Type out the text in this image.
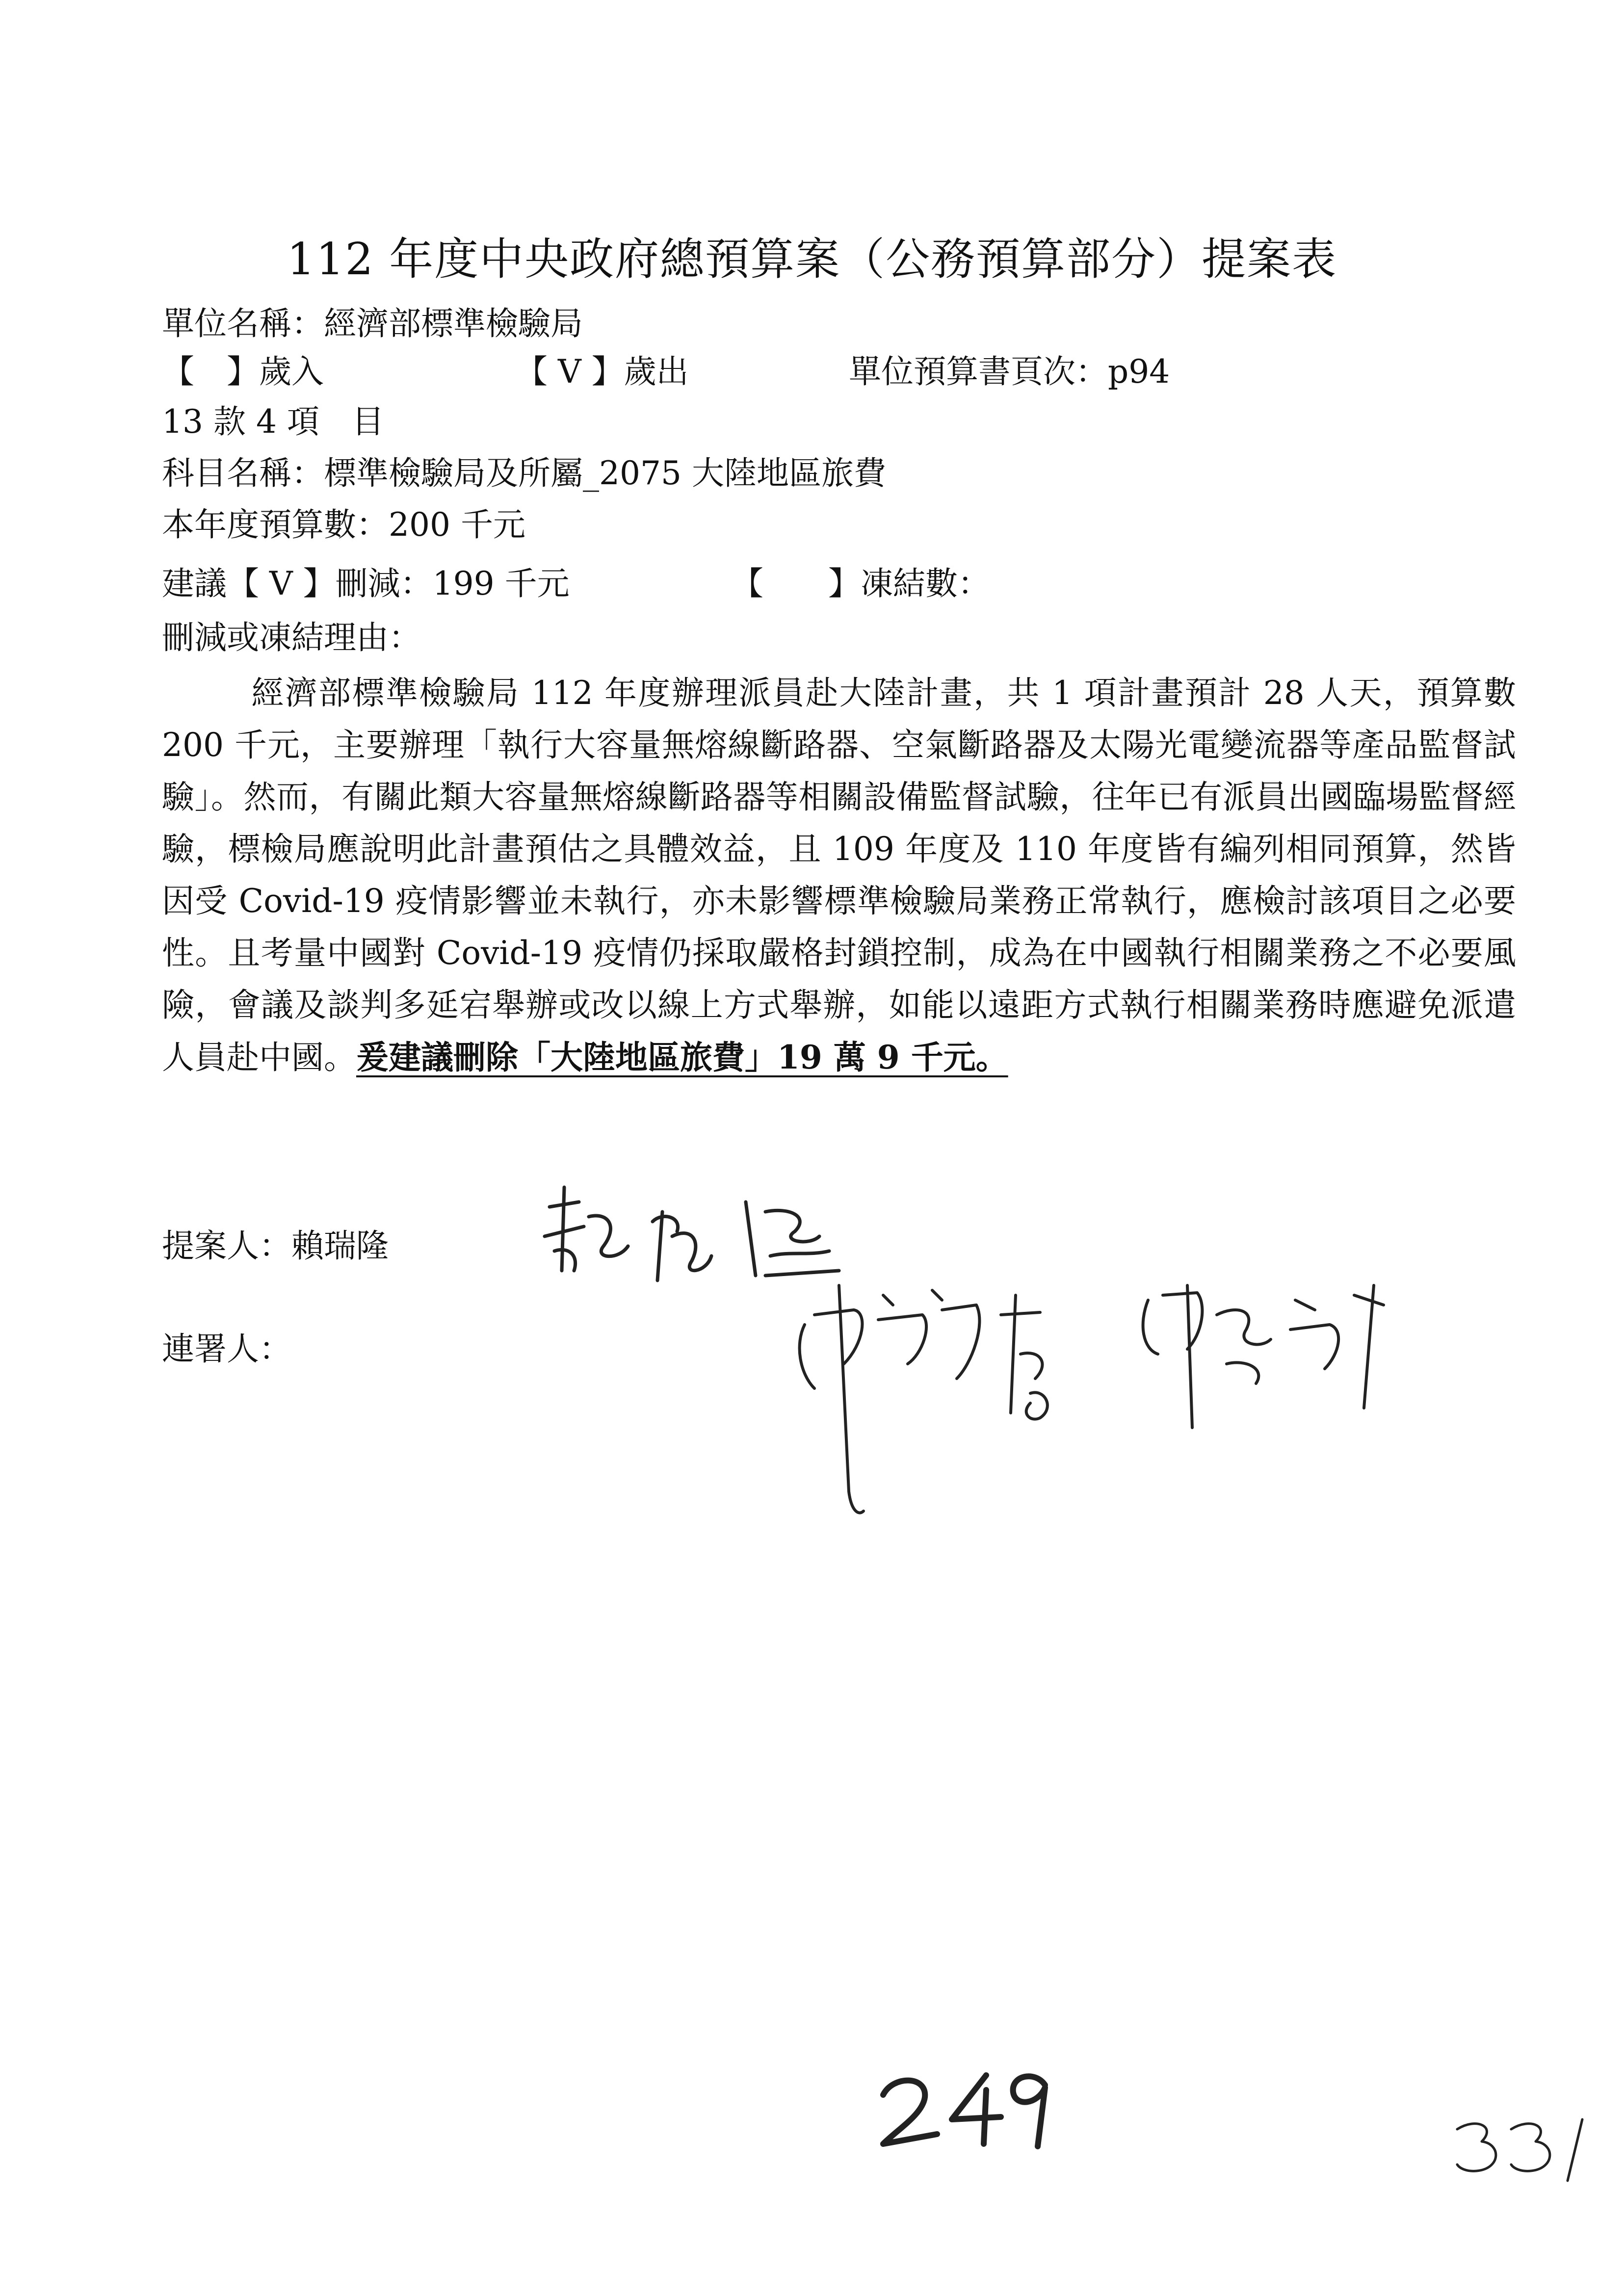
112 年度中央政府總預算案（公務預算部分）提案表
單位名稱：經濟部標準檢驗局
【　】歲入	【 V 】歲出	單位預算書頁次：p94
13 款 4 項　目
科目名稱：標準檢驗局及所屬_2075 大陸地區旅費
本年度預算數：200 千元
建議【 V 】刪減：199 千元	【　　】凍結數：
刪減或凍結理由：
經濟部標準檢驗局 112 年度辦理派員赴大陸計畫，共 1 項計畫預計 28 人天，預算數 200 千元，主要辦理「執行大容量無熔線斷路器、空氣斷路器及太陽光電變流器等產品監督試驗」。然而，有關此類大容量無熔線斷路器等相關設備監督試驗，往年已有派員出國臨場監督經驗，標檢局應說明此計畫預估之具體效益，且 109 年度及 110 年度皆有編列相同預算，然皆因受 Covid-19 疫情影響並未執行，亦未影響標準檢驗局業務正常執行，應檢討該項目之必要性。且考量中國對 Covid-19 疫情仍採取嚴格封鎖控制，成為在中國執行相關業務之不必要風險，會議及談判多延宕舉辦或改以線上方式舉辦，如能以遠距方式執行相關業務時應避免派遣人員赴中國。爰建議刪除「大陸地區旅費」19 萬 9 千元。
提案人：賴瑞隆
連署人：
